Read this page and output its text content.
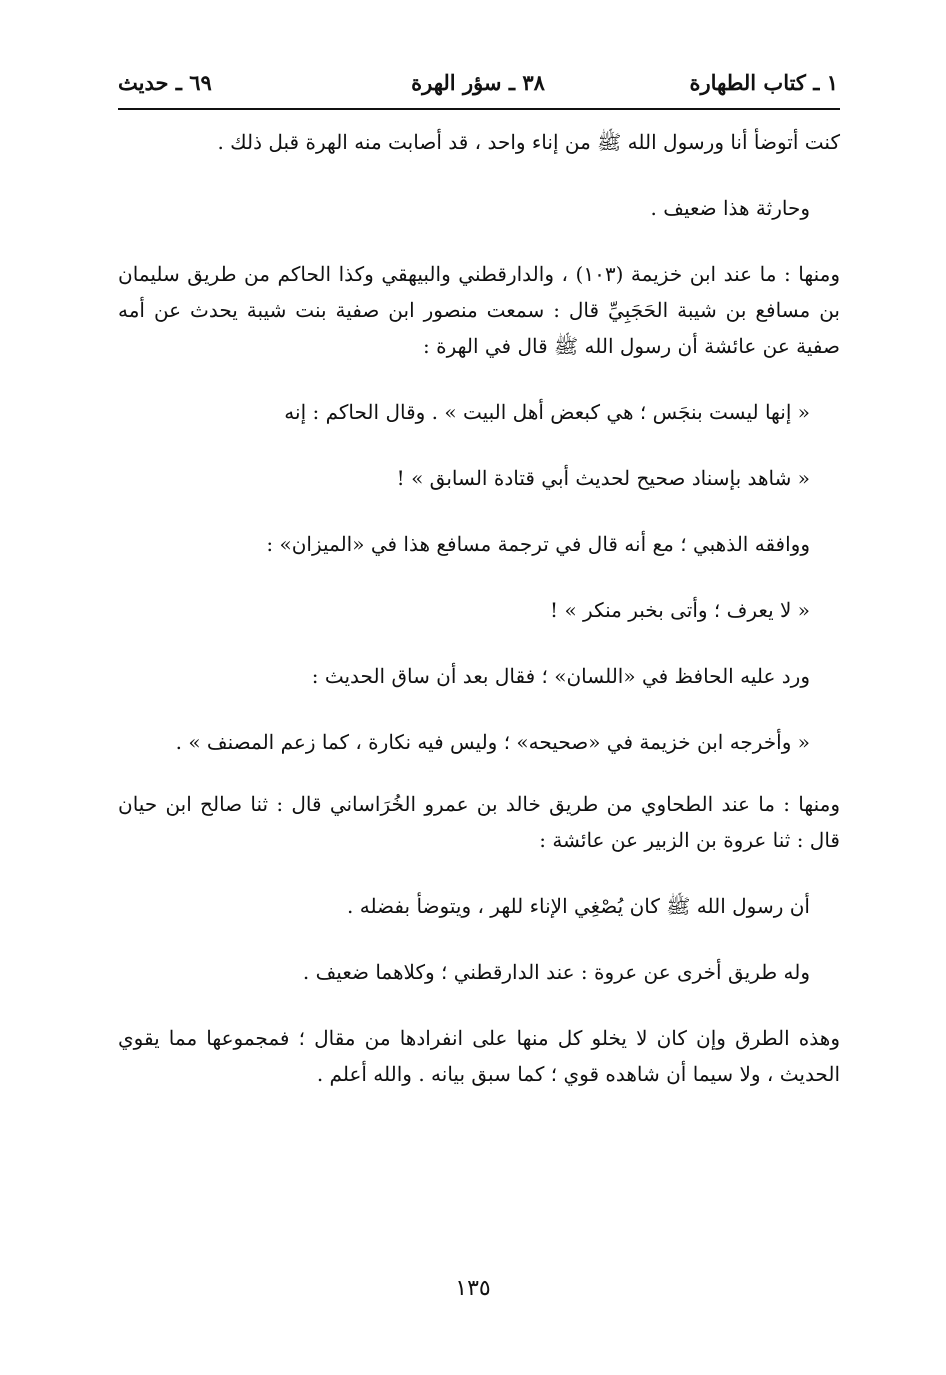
١ ـ كتاب الطهارة
٣٨ ـ سؤر الهرة
٦٩ ـ حديث

كنت أتوضأ أنا ورسول الله ﷺ من إناء واحد ، قد أصابت منه الهرة قبل ذلك .

وحارثة هذا ضعيف .

ومنها : ما عند ابن خزيمة (١٠٣) ، والدارقطني والبيهقي وكذا الحاكم من طريق سليمان بن مسافع بن شيبة الحَجَبِيِّ قال : سمعت منصور ابن صفية بنت شيبة يحدث عن أمه صفية عن عائشة أن رسول الله ﷺ قال في الهرة :

« إنها ليست بنجَس ؛ هي كبعض أهل البيت » . وقال الحاكم : إنه

« شاهد بإسناد صحيح لحديث أبي قتادة السابق » !

ووافقه الذهبي ؛ مع أنه قال في ترجمة مسافع هذا في «الميزان» :

« لا يعرف ؛ وأتى بخبر منكر » !

ورد عليه الحافظ في «اللسان» ؛ فقال بعد أن ساق الحديث :

« وأخرجه ابن خزيمة في «صحيحه» ؛ وليس فيه نكارة ، كما زعم المصنف » .

ومنها : ما عند الطحاوي من طريق خالد بن عمرو الخُرَاساني قال : ثنا صالح ابن حيان قال : ثنا عروة بن الزبير عن عائشة :

أن رسول الله ﷺ كان يُصْغِي الإناء للهر ، ويتوضأ بفضله .

وله طريق أخرى عن عروة : عند الدارقطني ؛ وكلاهما ضعيف .

وهذه الطرق وإن كان لا يخلو كل منها على انفرادها من مقال ؛ فمجموعها مما يقوي الحديث ، ولا سيما أن شاهده قوي ؛ كما سبق بيانه . والله أعلم .

١٣٥
